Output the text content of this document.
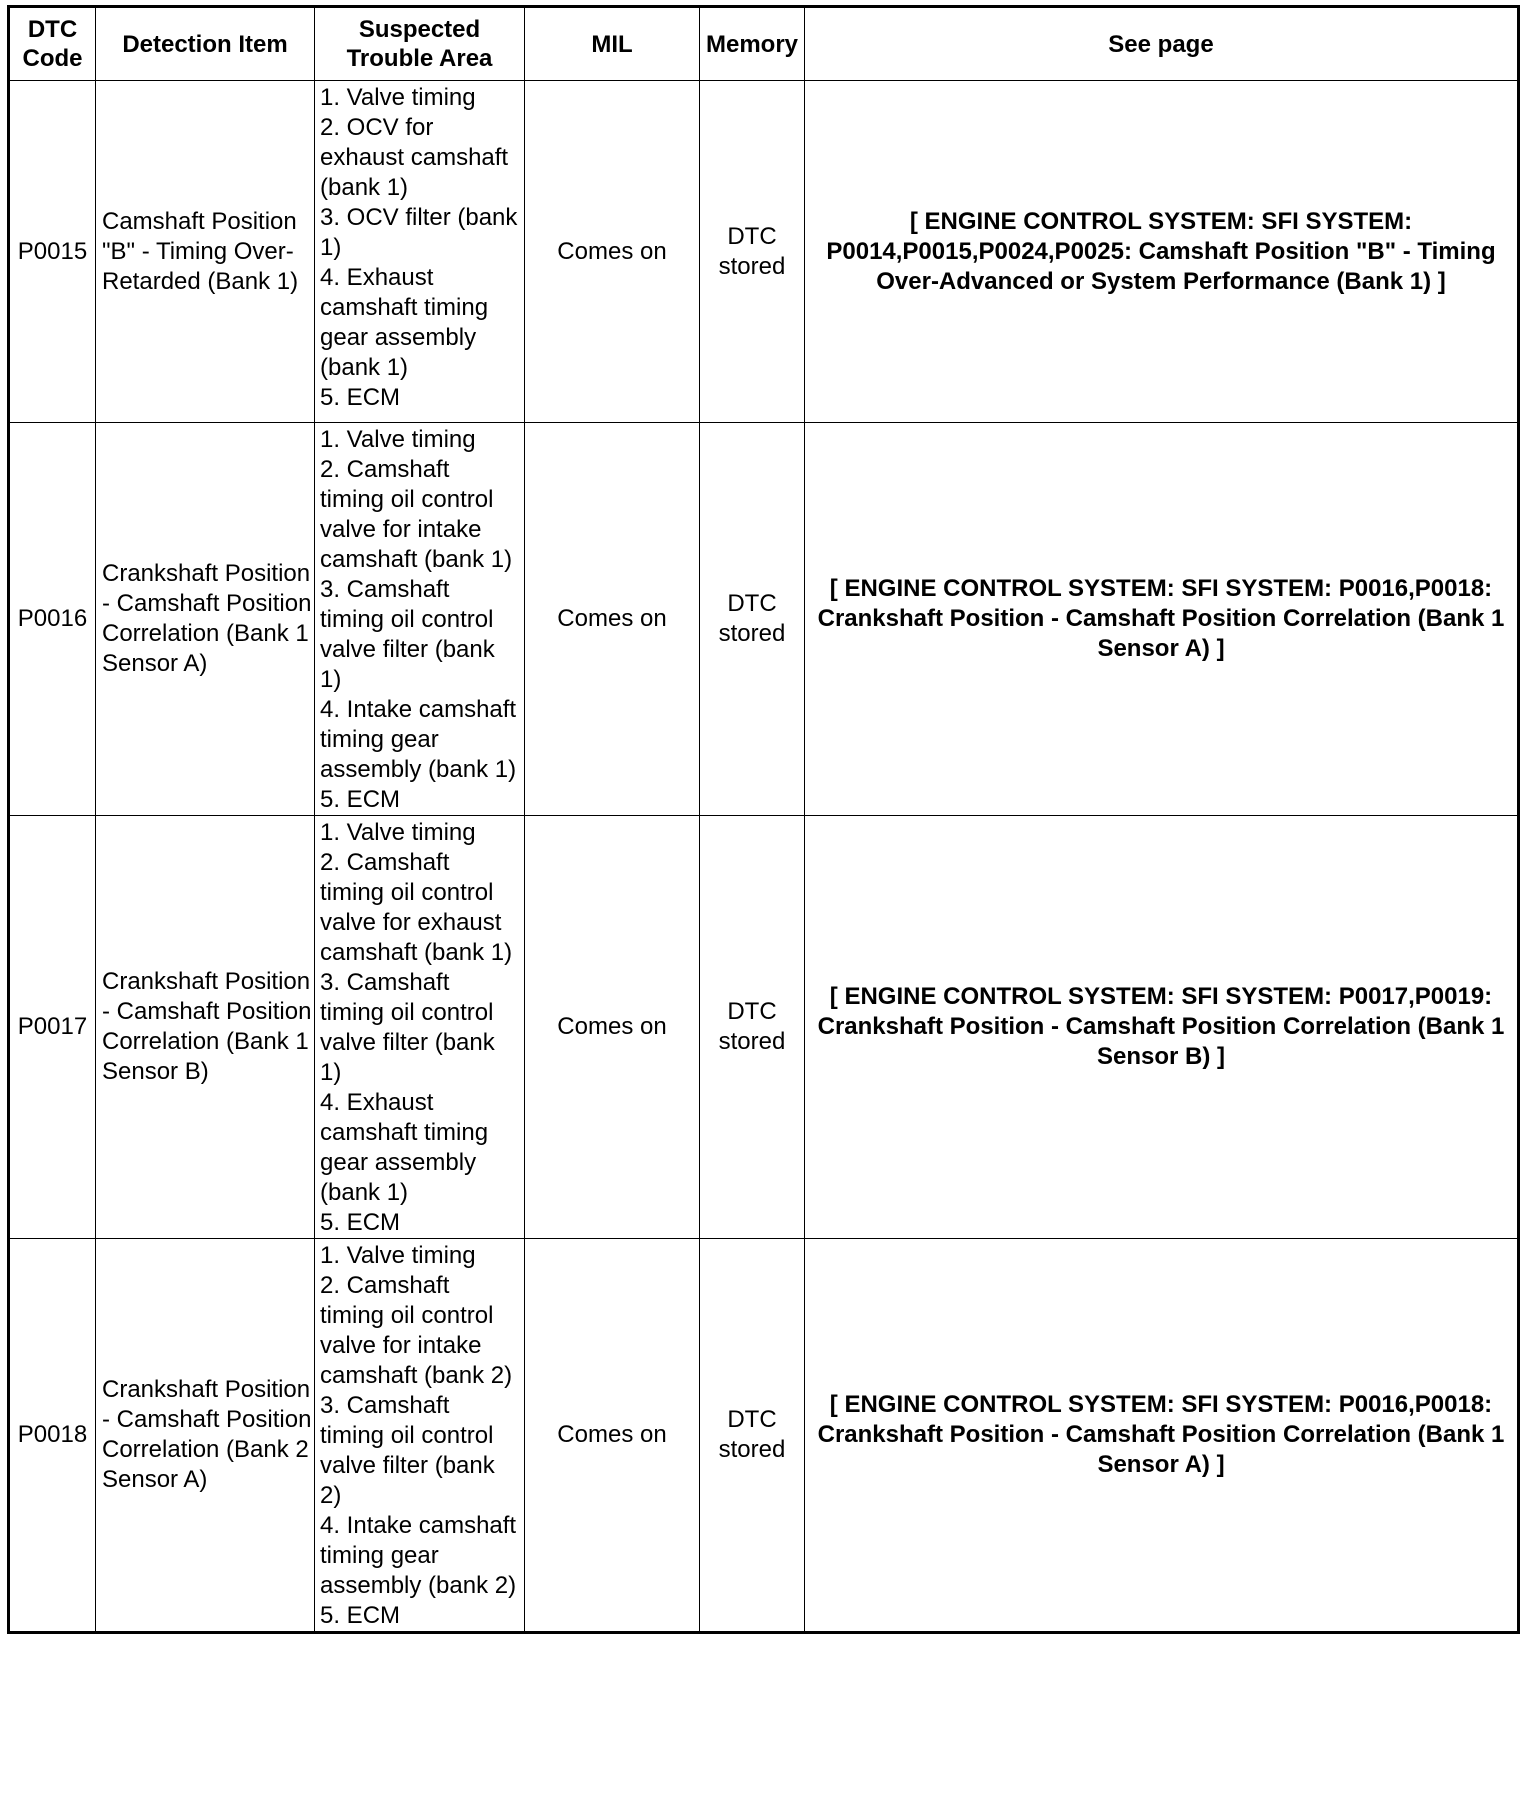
DTC Code	Detection Item	Suspected Trouble Area	MIL	Memory	See page
P0015	Camshaft Position "B" - Timing Over-Retarded (Bank 1)	1. Valve timing
2. OCV for exhaust camshaft (bank 1)
3. OCV filter (bank 1)
4. Exhaust camshaft timing gear assembly (bank 1)
5. ECM	Comes on	DTC stored	[ ENGINE CONTROL SYSTEM: SFI SYSTEM: P0014,P0015,P0024,P0025: Camshaft Position "B" - Timing Over-Advanced or System Performance (Bank 1) ]
P0016	Crankshaft Position - Camshaft Position Correlation (Bank 1 Sensor A)	1. Valve timing
2. Camshaft timing oil control valve for intake camshaft (bank 1)
3. Camshaft timing oil control valve filter (bank 1)
4. Intake camshaft timing gear assembly (bank 1)
5. ECM	Comes on	DTC stored	[ ENGINE CONTROL SYSTEM: SFI SYSTEM: P0016,P0018: Crankshaft Position - Camshaft Position Correlation (Bank 1 Sensor A) ]
P0017	Crankshaft Position - Camshaft Position Correlation (Bank 1 Sensor B)	1. Valve timing
2. Camshaft timing oil control valve for exhaust camshaft (bank 1)
3. Camshaft timing oil control valve filter (bank 1)
4. Exhaust camshaft timing gear assembly (bank 1)
5. ECM	Comes on	DTC stored	[ ENGINE CONTROL SYSTEM: SFI SYSTEM: P0017,P0019: Crankshaft Position - Camshaft Position Correlation (Bank 1 Sensor B) ]
P0018	Crankshaft Position - Camshaft Position Correlation (Bank 2 Sensor A)	1. Valve timing
2. Camshaft timing oil control valve for intake camshaft (bank 2)
3. Camshaft timing oil control valve filter (bank 2)
4. Intake camshaft timing gear assembly (bank 2)
5. ECM	Comes on	DTC stored	[ ENGINE CONTROL SYSTEM: SFI SYSTEM: P0016,P0018: Crankshaft Position - Camshaft Position Correlation (Bank 1 Sensor A) ]
